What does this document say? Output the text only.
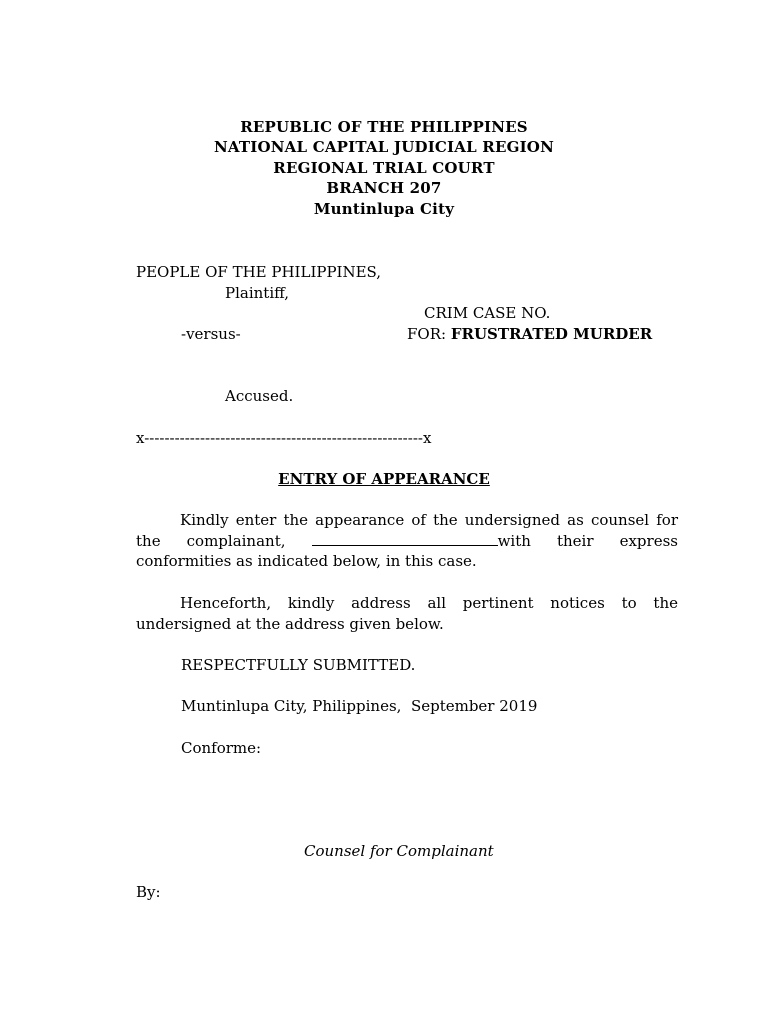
REPUBLIC OF THE PHILIPPINES
NATIONAL CAPITAL JUDICIAL REGION
REGIONAL TRIAL COURT
BRANCH 207
Muntinlupa City
PEOPLE OF THE PHILIPPINES,
Plaintiff,
CRIM CASE NO.
-versus-	FOR: FRUSTRATED MURDER
Accused.
x-------------------------------------------------------x
ENTRY OF APPEARANCE
Kindly enter the appearance of the undersigned as counsel for the complainant,	with their express conformities as indicated below, in this case.
Henceforth, kindly address all pertinent notices to the undersigned at the address given below.
RESPECTFULLY SUBMITTED.
Muntinlupa City, Philippines,  September 2019
Conforme:
Counsel for Complainant
By:
